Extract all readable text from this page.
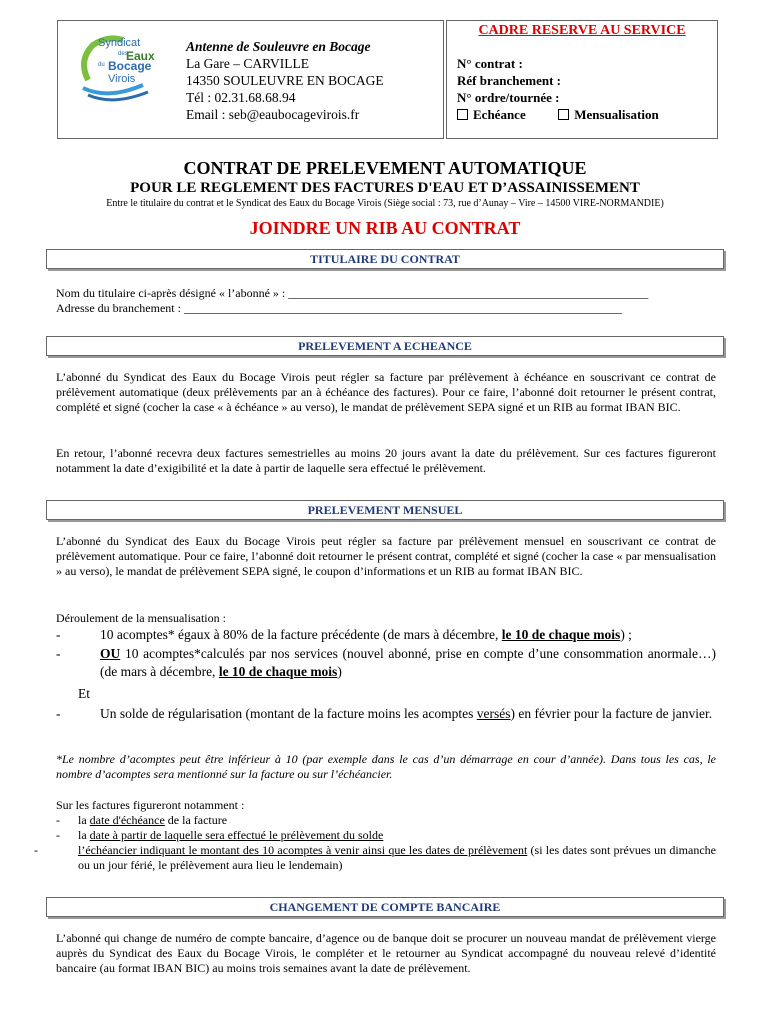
Syndicat
des
Eaux
du Bocage
Virois
Antenne de Souleuvre en Bocage
La Gare – CARVILLE
14350 SOULEUVRE EN BOCAGE
Tél : 02.31.68.68.94
Email : seb@eaubocagevirois.fr
CADRE RESERVE AU SERVICE
N° contrat :
Réf branchement :
N° ordre/tournée :
Echéance	Mensualisation
CONTRAT DE PRELEVEMENT AUTOMATIQUE
POUR LE REGLEMENT DES FACTURES D'EAU ET D’ASSAINISSEMENT
Entre le titulaire du contrat et le Syndicat des Eaux du Bocage Virois (Siège social : 73, rue d’Aunay – Vire – 14500 VIRE-NORMANDIE)
JOINDRE UN RIB AU CONTRAT
TITULAIRE DU CONTRAT
Nom du titulaire ci-après désigné « l’abonné » : ____________________________________________________________
Adresse du branchement : _________________________________________________________________________
PRELEVEMENT A ECHEANCE
L’abonné du Syndicat des Eaux du Bocage Virois peut régler sa facture par prélèvement à échéance en souscrivant ce contrat de prélèvement automatique (deux prélèvements par an à échéance des factures). Pour ce faire, l’abonné doit retourner le présent contrat, complété et signé (cocher la case « à échéance » au verso), le mandat de prélèvement SEPA signé et un RIB au format IBAN BIC.
En retour, l’abonné recevra deux factures semestrielles au moins 20 jours avant la date du prélèvement. Sur ces factures figureront notamment la date d’exigibilité et la date à partir de laquelle sera effectué le prélèvement.
PRELEVEMENT MENSUEL
L’abonné du Syndicat des Eaux du Bocage Virois peut régler sa facture par prélèvement mensuel en souscrivant ce contrat de prélèvement automatique. Pour ce faire, l’abonné doit retourner le présent contrat, complété et signé (cocher la case « par mensualisation » au verso), le mandat de prélèvement SEPA signé, le coupon d’informations et un RIB au format IBAN BIC.
Déroulement de la mensualisation :
-	10 acomptes* égaux à 80% de la facture précédente (de mars à décembre, le 10 de chaque mois) ;
-	OU 10 acomptes*calculés par nos services (nouvel abonné, prise en compte d’une consommation anormale…) (de mars à décembre, le 10 de chaque mois)
Et
-	Un solde de régularisation (montant de la facture moins les acomptes versés) en février pour la facture de janvier.
*Le nombre d’acomptes peut être inférieur à 10 (par exemple dans le cas d’un démarrage en cour d’année). Dans tous les cas, le nombre d’acomptes sera mentionné sur la facture ou sur l’échéancier.
Sur les factures figureront notamment :
- la date d'échéance de la facture
- la date à partir de laquelle sera effectué le prélèvement du solde
-	l’échéancier indiquant le montant des 10 acomptes à venir ainsi que les dates de prélèvement (si les dates sont prévues un dimanche ou un jour férié, le prélèvement aura lieu le lendemain)
CHANGEMENT DE COMPTE BANCAIRE
L’abonné qui change de numéro de compte bancaire, d’agence ou de banque doit se procurer un nouveau mandat de prélèvement vierge auprès du Syndicat des Eaux du Bocage Virois, le compléter et le retourner au Syndicat accompagné du nouveau relevé d’identité bancaire (au format IBAN BIC) au moins trois semaines avant la date de prélèvement.
